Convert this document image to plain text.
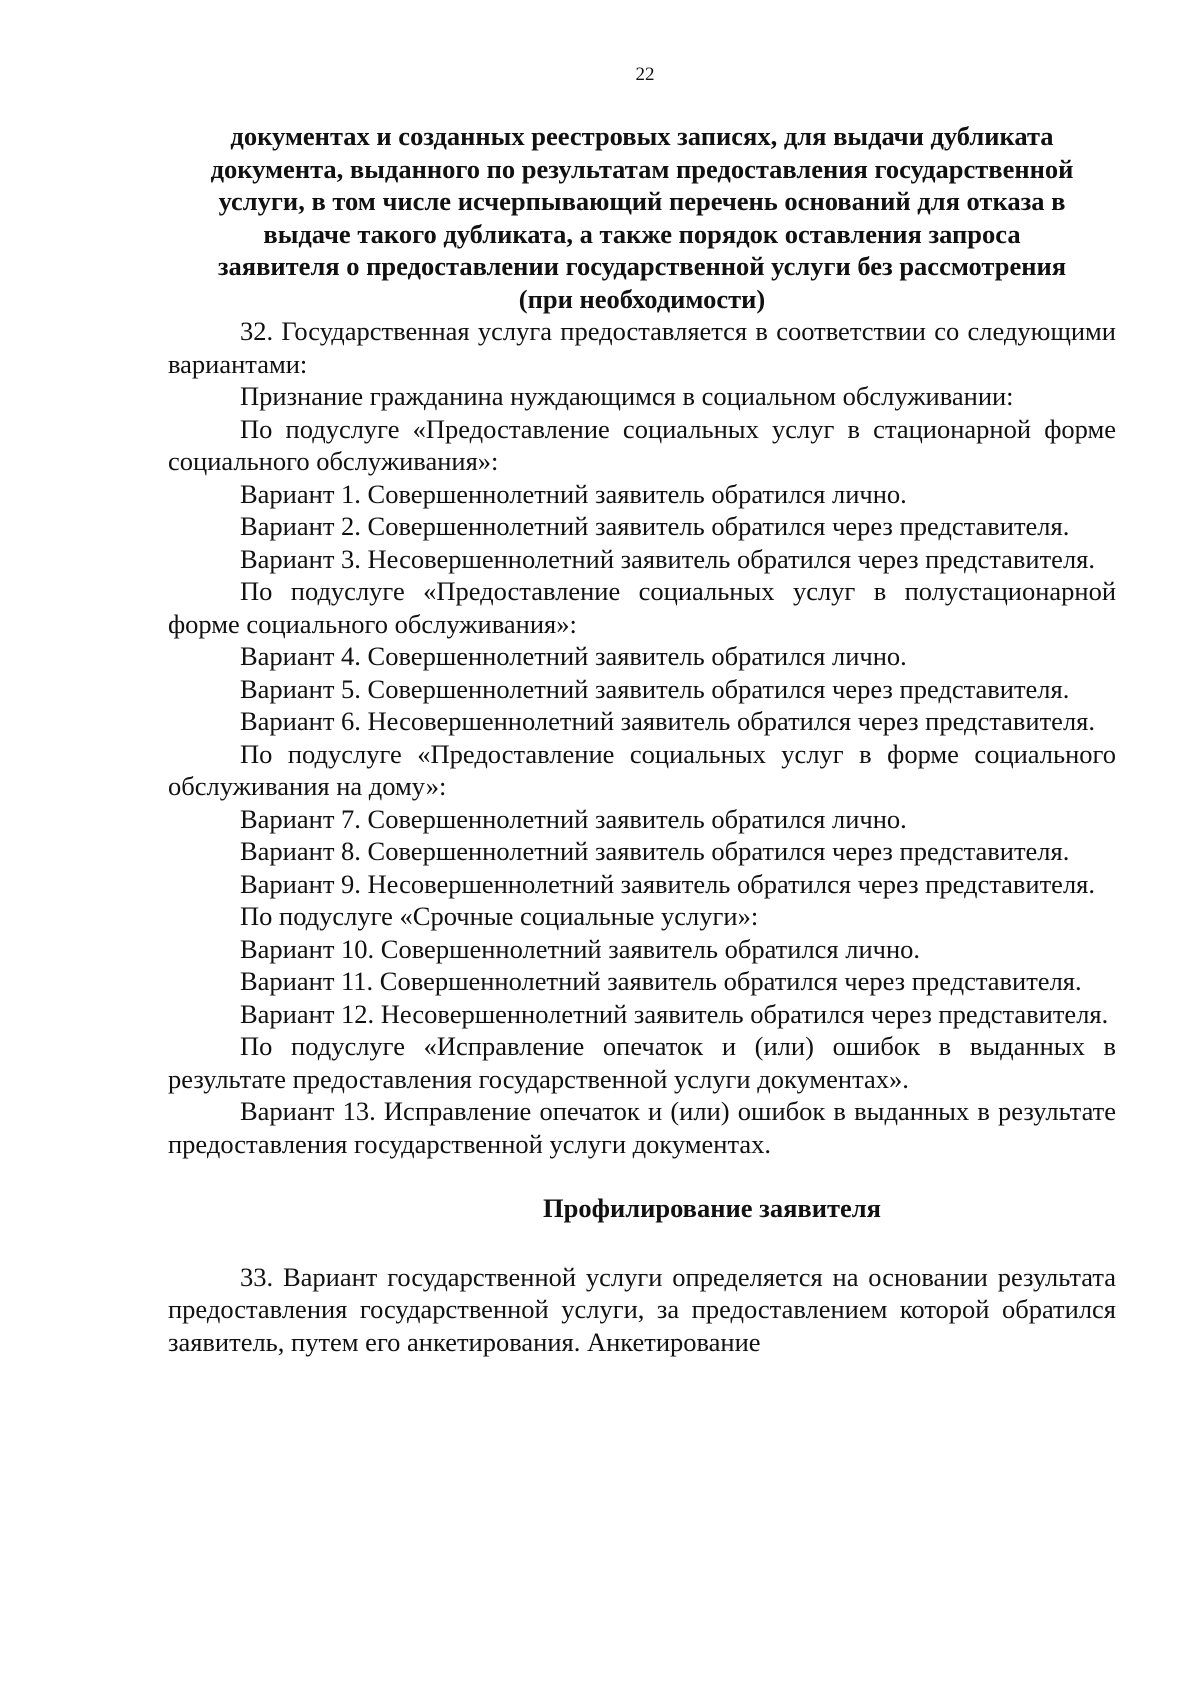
22

документах и созданных реестровых записях, для выдачи дубликата

документа, выданного по результатам предоставления государственной

услуги, в том числе исчерпывающий перечень оснований для отказа в

выдаче такого дубликата, а также порядок оставления запроса

заявителя о предоставлении государственной услуги без рассмотрения

(при необходимости)

32. Государственная услуга предоставляется в соответствии со следующими вариантами:

Признание гражданина нуждающимся в социальном обслуживании:

По подуслуге «Предоставление социальных услуг в стационарной форме социального обслуживания»:

Вариант 1. Совершеннолетний заявитель обратился лично.

Вариант 2. Совершеннолетний заявитель обратился через представителя.

Вариант 3. Несовершеннолетний заявитель обратился через представителя.

По подуслуге «Предоставление социальных услуг в полустационарной форме социального обслуживания»:

Вариант 4. Совершеннолетний заявитель обратился лично.

Вариант 5. Совершеннолетний заявитель обратился через представителя.

Вариант 6. Несовершеннолетний заявитель обратился через представителя.

По подуслуге «Предоставление социальных услуг в форме социального обслуживания на дому»:

Вариант 7. Совершеннолетний заявитель обратился лично.

Вариант 8. Совершеннолетний заявитель обратился через представителя.

Вариант 9. Несовершеннолетний заявитель обратился через представителя.

По подуслуге «Срочные социальные услуги»:

Вариант 10. Совершеннолетний заявитель обратился лично.

Вариант 11. Совершеннолетний заявитель обратился через представителя.

Вариант 12. Несовершеннолетний заявитель обратился через представителя.

По подуслуге «Исправление опечаток и (или) ошибок в выданных в результате предоставления государственной услуги документах».

Вариант 13. Исправление опечаток и (или) ошибок в выданных в результате предоставления государственной услуги документах.

Профилирование заявителя

33. Вариант государственной услуги определяется на основании результата предоставления государственной услуги, за предоставлением которой обратился заявитель, путем его анкетирования. Анкетирование
